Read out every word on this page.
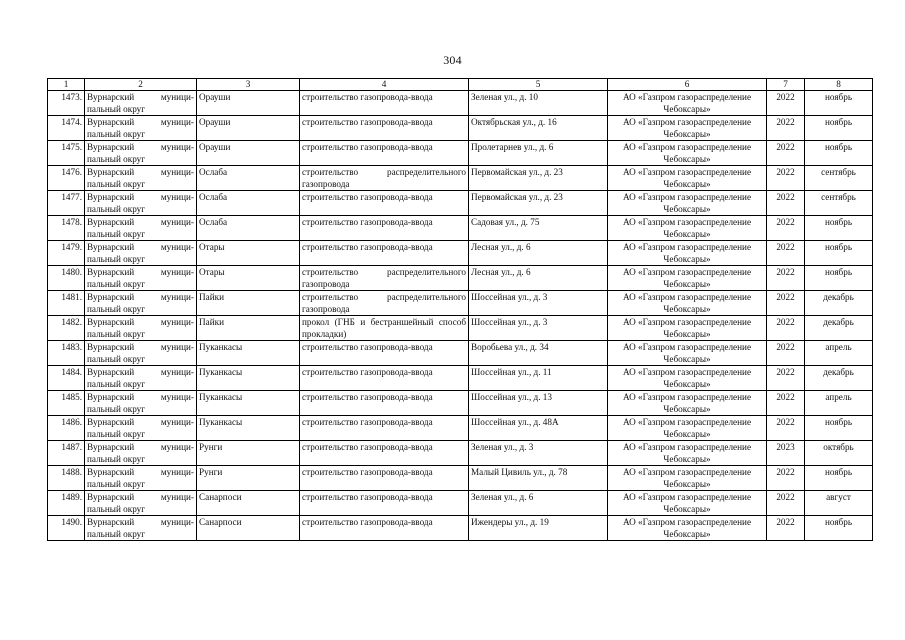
304
1	2	3	4	5	6	7	8
1473.	Вурнарский муници-пальный округ	Орауши	строительство газопровода-ввода	Зеленая ул., д. 10	АО «Газпром газораспределение Чебоксары»	2022	ноябрь
1474.	Вурнарский муници-пальный округ	Орауши	строительство газопровода-ввода	Октябрьская ул., д. 16	АО «Газпром газораспределение Чебоксары»	2022	ноябрь
1475.	Вурнарский муници-пальный округ	Орауши	строительство газопровода-ввода	Пролетарнев ул., д. 6	АО «Газпром газораспределение Чебоксары»	2022	ноябрь
1476.	Вурнарский муници-пальный округ	Ослаба	строительство распределительного газопровода	Первомайская ул., д. 23	АО «Газпром газораспределение Чебоксары»	2022	сентябрь
1477.	Вурнарский муници-пальный округ	Ослаба	строительство газопровода-ввода	Первомайская ул., д. 23	АО «Газпром газораспределение Чебоксары»	2022	сентябрь
1478.	Вурнарский муници-пальный округ	Ослаба	строительство газопровода-ввода	Садовая ул., д. 75	АО «Газпром газораспределение Чебоксары»	2022	ноябрь
1479.	Вурнарский муници-пальный округ	Отары	строительство газопровода-ввода	Лесная ул., д. 6	АО «Газпром газораспределение Чебоксары»	2022	ноябрь
1480.	Вурнарский муници-пальный округ	Отары	строительство распределительного газопровода	Лесная ул., д. 6	АО «Газпром газораспределение Чебоксары»	2022	ноябрь
1481.	Вурнарский муници-пальный округ	Пайки	строительство распределительного газопровода	Шоссейная ул., д. 3	АО «Газпром газораспределение Чебоксары»	2022	декабрь
1482.	Вурнарский муници-пальный округ	Пайки	прокол (ГНБ и бестраншейный способ прокладки)	Шоссейная ул., д. 3	АО «Газпром газораспределение Чебоксары»	2022	декабрь
1483.	Вурнарский муници-пальный округ	Пуканкасы	строительство газопровода-ввода	Воробьева ул., д. 34	АО «Газпром газораспределение Чебоксары»	2022	апрель
1484.	Вурнарский муници-пальный округ	Пуканкасы	строительство газопровода-ввода	Шоссейная ул., д. 11	АО «Газпром газораспределение Чебоксары»	2022	декабрь
1485.	Вурнарский муници-пальный округ	Пуканкасы	строительство газопровода-ввода	Шоссейная ул., д. 13	АО «Газпром газораспределение Чебоксары»	2022	апрель
1486.	Вурнарский муници-пальный округ	Пуканкасы	строительство газопровода-ввода	Шоссейная ул., д. 48А	АО «Газпром газораспределение Чебоксары»	2022	ноябрь
1487.	Вурнарский муници-пальный округ	Рунги	строительство газопровода-ввода	Зеленая ул., д. 3	АО «Газпром газораспределение Чебоксары»	2023	октябрь
1488.	Вурнарский муници-пальный округ	Рунги	строительство газопровода-ввода	Малый Цивиль ул., д. 78	АО «Газпром газораспределение Чебоксары»	2022	ноябрь
1489.	Вурнарский муници-пальный округ	Санарпоси	строительство газопровода-ввода	Зеленая ул., д. 6	АО «Газпром газораспределение Чебоксары»	2022	август
1490.	Вурнарский муници-пальный округ	Санарпоси	строительство газопровода-ввода	Ижендеры ул., д. 19	АО «Газпром газораспределение Чебоксары»	2022	ноябрь
